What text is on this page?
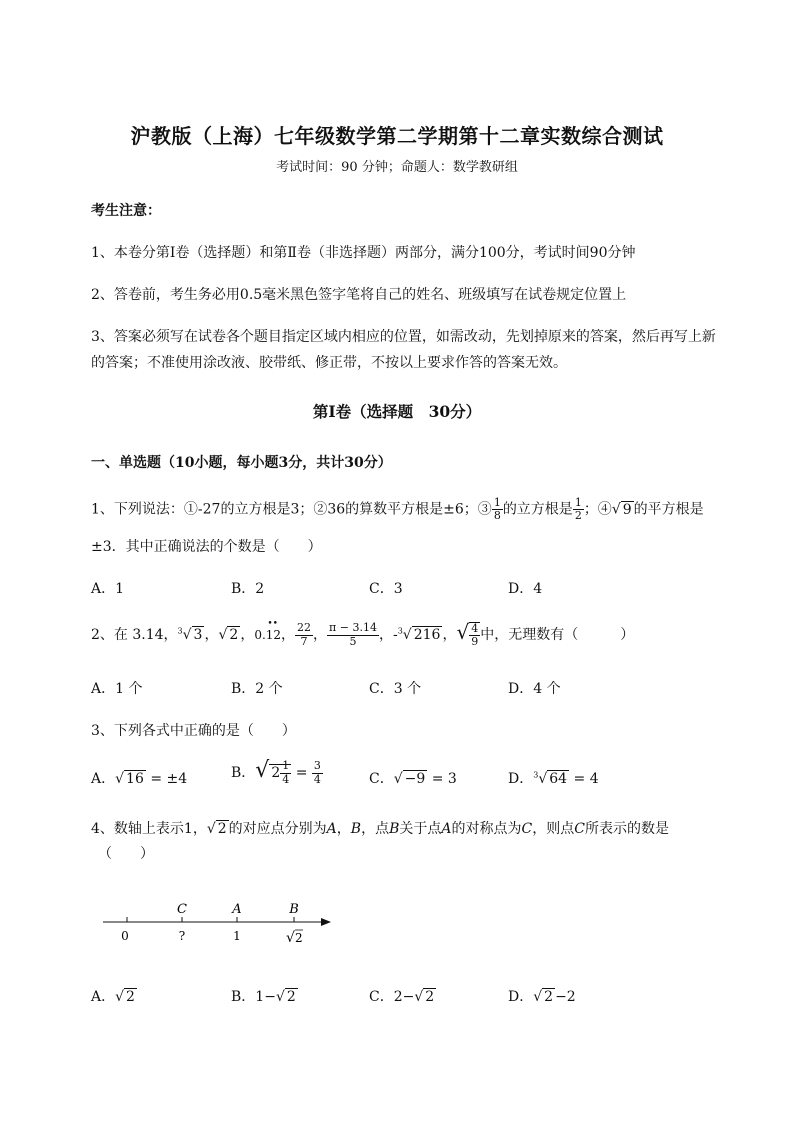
沪教版（上海）七年级数学第二学期第十二章实数综合测试
考试时间：90 分钟；命题人：数学教研组
考生注意：
1、本卷分第Ⅰ卷（选择题）和第Ⅱ卷（非选择题）两部分，满分100分，考试时间90分钟
2、答卷前，考生务必用0.5毫米黑色签字笔将自己的姓名、班级填写在试卷规定位置上
3、答案必须写在试卷各个题目指定区域内相应的位置，如需改动，先划掉原来的答案，然后再写上新
的答案；不准使用涂改液、胶带纸、修正带，不按以上要求作答的答案无效。
第Ⅰ卷（选择题　30分）
一、单选题（10小题，每小题3分，共计30分）
1、下列说法：①-27的立方根是3；②36的算数平方根是±6；③ $\frac{1}{8}$ 的立方根是 $\frac{1}{2}$ ；④√ 9 的平方根是
±3．其中正确说法的个数是（　　）
A．1	B．2	C．3	D．4
2、在 3.14，$^3$√ 3 ，√ 2 ，
••
0.12， $\frac{22}{7}$ ， $\frac{\pi - 3.14}{5}$ ，-$^3$√ 216 ，√ $\frac{4}{9}$ 中，无理数有（　　　）
A．1 个	B．2 个	C．3 个	D．4 个
3、下列各式中正确的是（　　）
A．√ 16 = ±4	B．√ $2 \frac{1}{4} = \frac{3}{4}$	C．√ −9 = 3	D．$^3$√ 64 = 4
4、数轴上表示1，√ 2 的对应点分别为A，B，点B关于点A的对称点为C，则点C所表示的数是
（　　）
C	A	B
0	?	1	√ 2
A．√ 2	B．1−√ 2	C．2−√ 2	D．√ 2 −2
